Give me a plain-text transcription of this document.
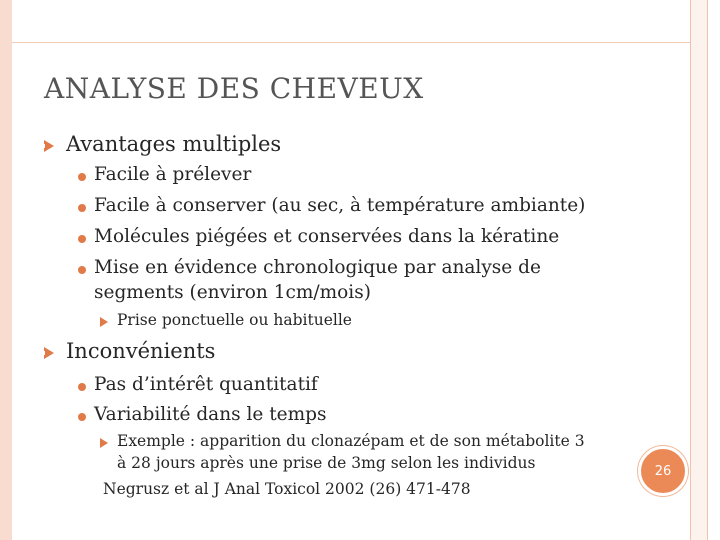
ANALYSE DES CHEVEUX
Avantages multiples
Facile à prélever
Facile à conserver (au sec, à température ambiante)
Molécules piégées et conservées dans la kératine
Mise en évidence chronologique par analyse de
segments (environ 1cm/mois)
Prise ponctuelle ou habituelle
Inconvénients
Pas d’intérêt quantitatif
Variabilité dans le temps
Exemple : apparition du clonazépam et de son métabolite 3
à 28 jours après une prise de 3mg selon les individus
Negrusz et al J Anal Toxicol 2002 (26) 471-478
26
